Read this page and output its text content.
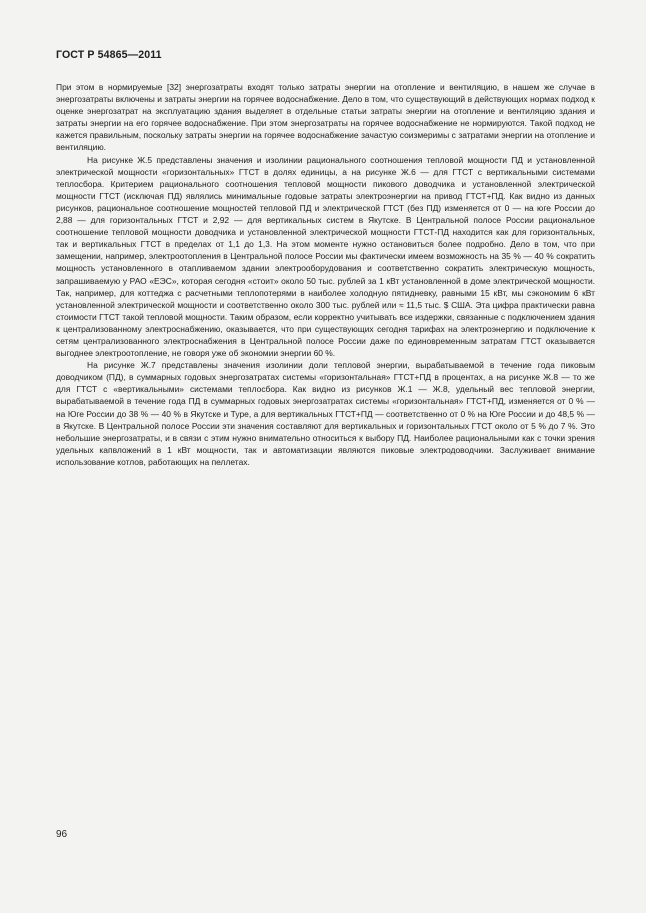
ГОСТ Р 54865—2011

При этом в нормируемые [32] энергозатраты входят только затраты энергии на отопление и вентиляцию, в нашем же случае в энергозатраты включены и затраты энергии на горячее водоснабжение. Дело в том, что существующий в действующих нормах подход к оценке энергозатрат на эксплуатацию здания выделяет в отдельные статьи затраты энергии на отопление и вентиляцию здания и затраты энергии на его горячее водоснабжение. При этом энергозатраты на горячее водоснабжение не нормируются. Такой подход не кажется правильным, поскольку затраты энергии на горячее водоснабжение зачастую соизмеримы с затратами энергии на отопление и вентиляцию.

На рисунке Ж.5 представлены значения и изолинии рационального соотношения тепловой мощности ПД и установленной электрической мощности «горизонтальных» ГТСТ в долях единицы, а на рисунке Ж.6 — для ГТСТ с вертикальными системами теплосбора. Критерием рационального соотношения тепловой мощности пикового доводчика и установленной электрической мощности ГТСТ (исключая ПД) являлись минимальные годовые затраты электроэнергии на привод ГТСТ+ПД. Как видно из данных рисунков, рациональное соотношение мощностей тепловой ПД и электрической ГТСТ (без ПД) изменяется от 0 — на юге России до 2,88 — для горизонтальных ГТСТ и 2,92 — для вертикальных систем в Якутске. В Центральной полосе России рациональное соотношение тепловой мощности доводчика и установленной электрической мощности ГТСТ-ПД находится как для горизонтальных, так и вертикальных ГТСТ в пределах от 1,1 до 1,3. На этом моменте нужно остановиться более подробно. Дело в том, что при замещении, например, электроотопления в Центральной полосе России мы фактически имеем возможность на 35 % — 40 % сократить мощность установленного в отапливаемом здании электрооборудования и соответственно сократить электрическую мощность, запрашиваемую у РАО «ЕЭС», которая сегодня «стоит» около 50 тыс. рублей за 1 кВт установленной в доме электрической мощности. Так, например, для коттеджа с расчетными теплопотерями в наиболее холодную пятидневку, равными 15 кВт, мы сэкономим 6 кВт установленной электрической мощности и соответственно около 300 тыс. рублей или ≈ 11,5 тыс. $ США. Эта цифра практически равна стоимости ГТСТ такой тепловой мощности. Таким образом, если корректно учитывать все издержки, связанные с подключением здания к централизованному электроснабжению, оказывается, что при существующих сегодня тарифах на электроэнергию и подключение к сетям централизованного электроснабжения в Центральной полосе России даже по единовременным затратам ГТСТ оказывается выгоднее электроотопление, не говоря уже об экономии энергии 60 %.

На рисунке Ж.7 представлены значения изолинии доли тепловой энергии, вырабатываемой в течение года пиковым доводчиком (ПД), в суммарных годовых энергозатратах системы «горизонтальная» ГТСТ+ПД в процентах, а на рисунке Ж.8 — то же для ГТСТ с «вертикальными» системами теплосбора. Как видно из рисунков Ж.1 — Ж.8, удельный вес тепловой энергии, вырабатываемой в течение года ПД в суммарных годовых энергозатратах системы «горизонтальная» ГТСТ+ПД, изменяется от 0 % — на Юге России до 38 % — 40 % в Якутске и Туре, а для вертикальных ГТСТ+ПД — соответственно от 0 % на Юге России и до 48,5 % — в Якутске. В Центральной полосе России эти значения составляют для вертикальных и горизонтальных ГТСТ около от 5 % до 7 %. Это небольшие энергозатраты, и в связи с этим нужно внимательно относиться к выбору ПД. Наиболее рациональными как с точки зрения удельных капвложений в 1 кВт мощности, так и автоматизации являются пиковые электродоводчики. Заслуживает внимание использование котлов, работающих на пеллетах.

96
